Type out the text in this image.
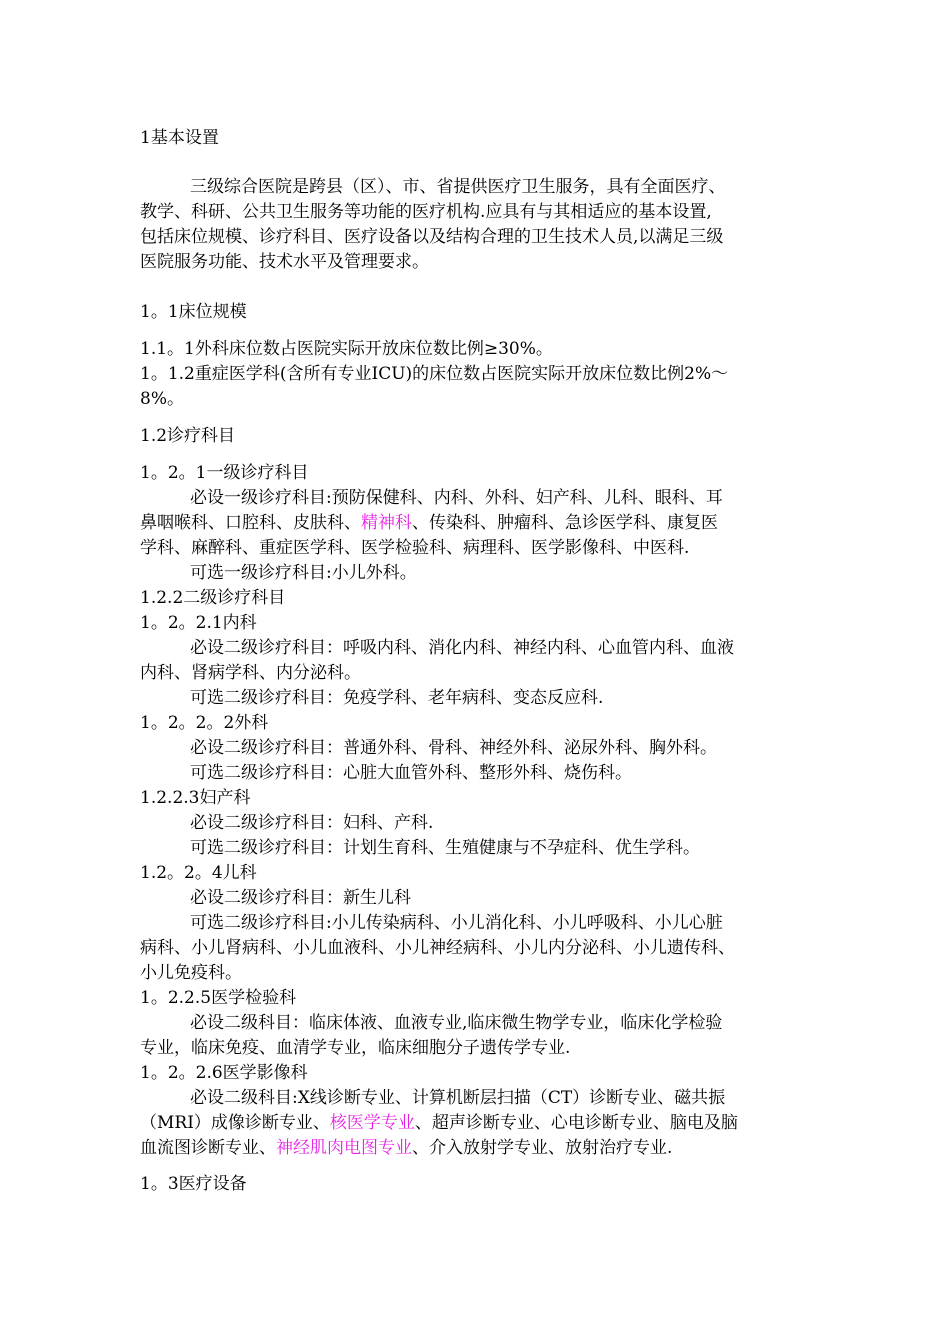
1基本设置
三级综合医院是跨县（区）、市、省提供医疗卫生服务，具有全面医疗、
教学、科研、公共卫生服务等功能的医疗机构.应具有与其相适应的基本设置,
包括床位规模、诊疗科目、医疗设备以及结构合理的卫生技术人员,以满足三级
医院服务功能、技术水平及管理要求。
1。1床位规模
1.1。1外科床位数占医院实际开放床位数比例≥30%。
1。1.2重症医学科(含所有专业ICU)的床位数占医院实际开放床位数比例2%～
8%。
1.2诊疗科目
1。2。1一级诊疗科目
必设一级诊疗科目:预防保健科、内科、外科、妇产科、儿科、眼科、耳
鼻咽喉科、口腔科、皮肤科、精神科、传染科、肿瘤科、急诊医学科、康复医
学科、麻醉科、重症医学科、医学检验科、病理科、医学影像科、中医科.
可选一级诊疗科目:小儿外科。
1.2.2二级诊疗科目
1。2。2.1内科
必设二级诊疗科目：呼吸内科、消化内科、神经内科、心血管内科、血液
内科、肾病学科、内分泌科。
可选二级诊疗科目：免疫学科、老年病科、变态反应科.
1。2。2。2外科
必设二级诊疗科目：普通外科、骨科、神经外科、泌尿外科、胸外科。
可选二级诊疗科目：心脏大血管外科、整形外科、烧伤科。
1.2.2.3妇产科
必设二级诊疗科目：妇科、产科.
可选二级诊疗科目：计划生育科、生殖健康与不孕症科、优生学科。
1.2。2。4儿科
必设二级诊疗科目：新生儿科
可选二级诊疗科目:小儿传染病科、小儿消化科、小儿呼吸科、小儿心脏
病科、小儿肾病科、小儿血液科、小儿神经病科、小儿内分泌科、小儿遗传科、
小儿免疫科。
1。2.2.5医学检验科
必设二级科目：临床体液、血液专业,临床微生物学专业，临床化学检验
专业，临床免疫、血清学专业，临床细胞分子遗传学专业.
1。2。2.6医学影像科
必设二级科目:X线诊断专业、计算机断层扫描（CT）诊断专业、磁共振
（MRI）成像诊断专业、核医学专业、超声诊断专业、心电诊断专业、脑电及脑
血流图诊断专业、神经肌肉电图专业、介入放射学专业、放射治疗专业.
1。3医疗设备
